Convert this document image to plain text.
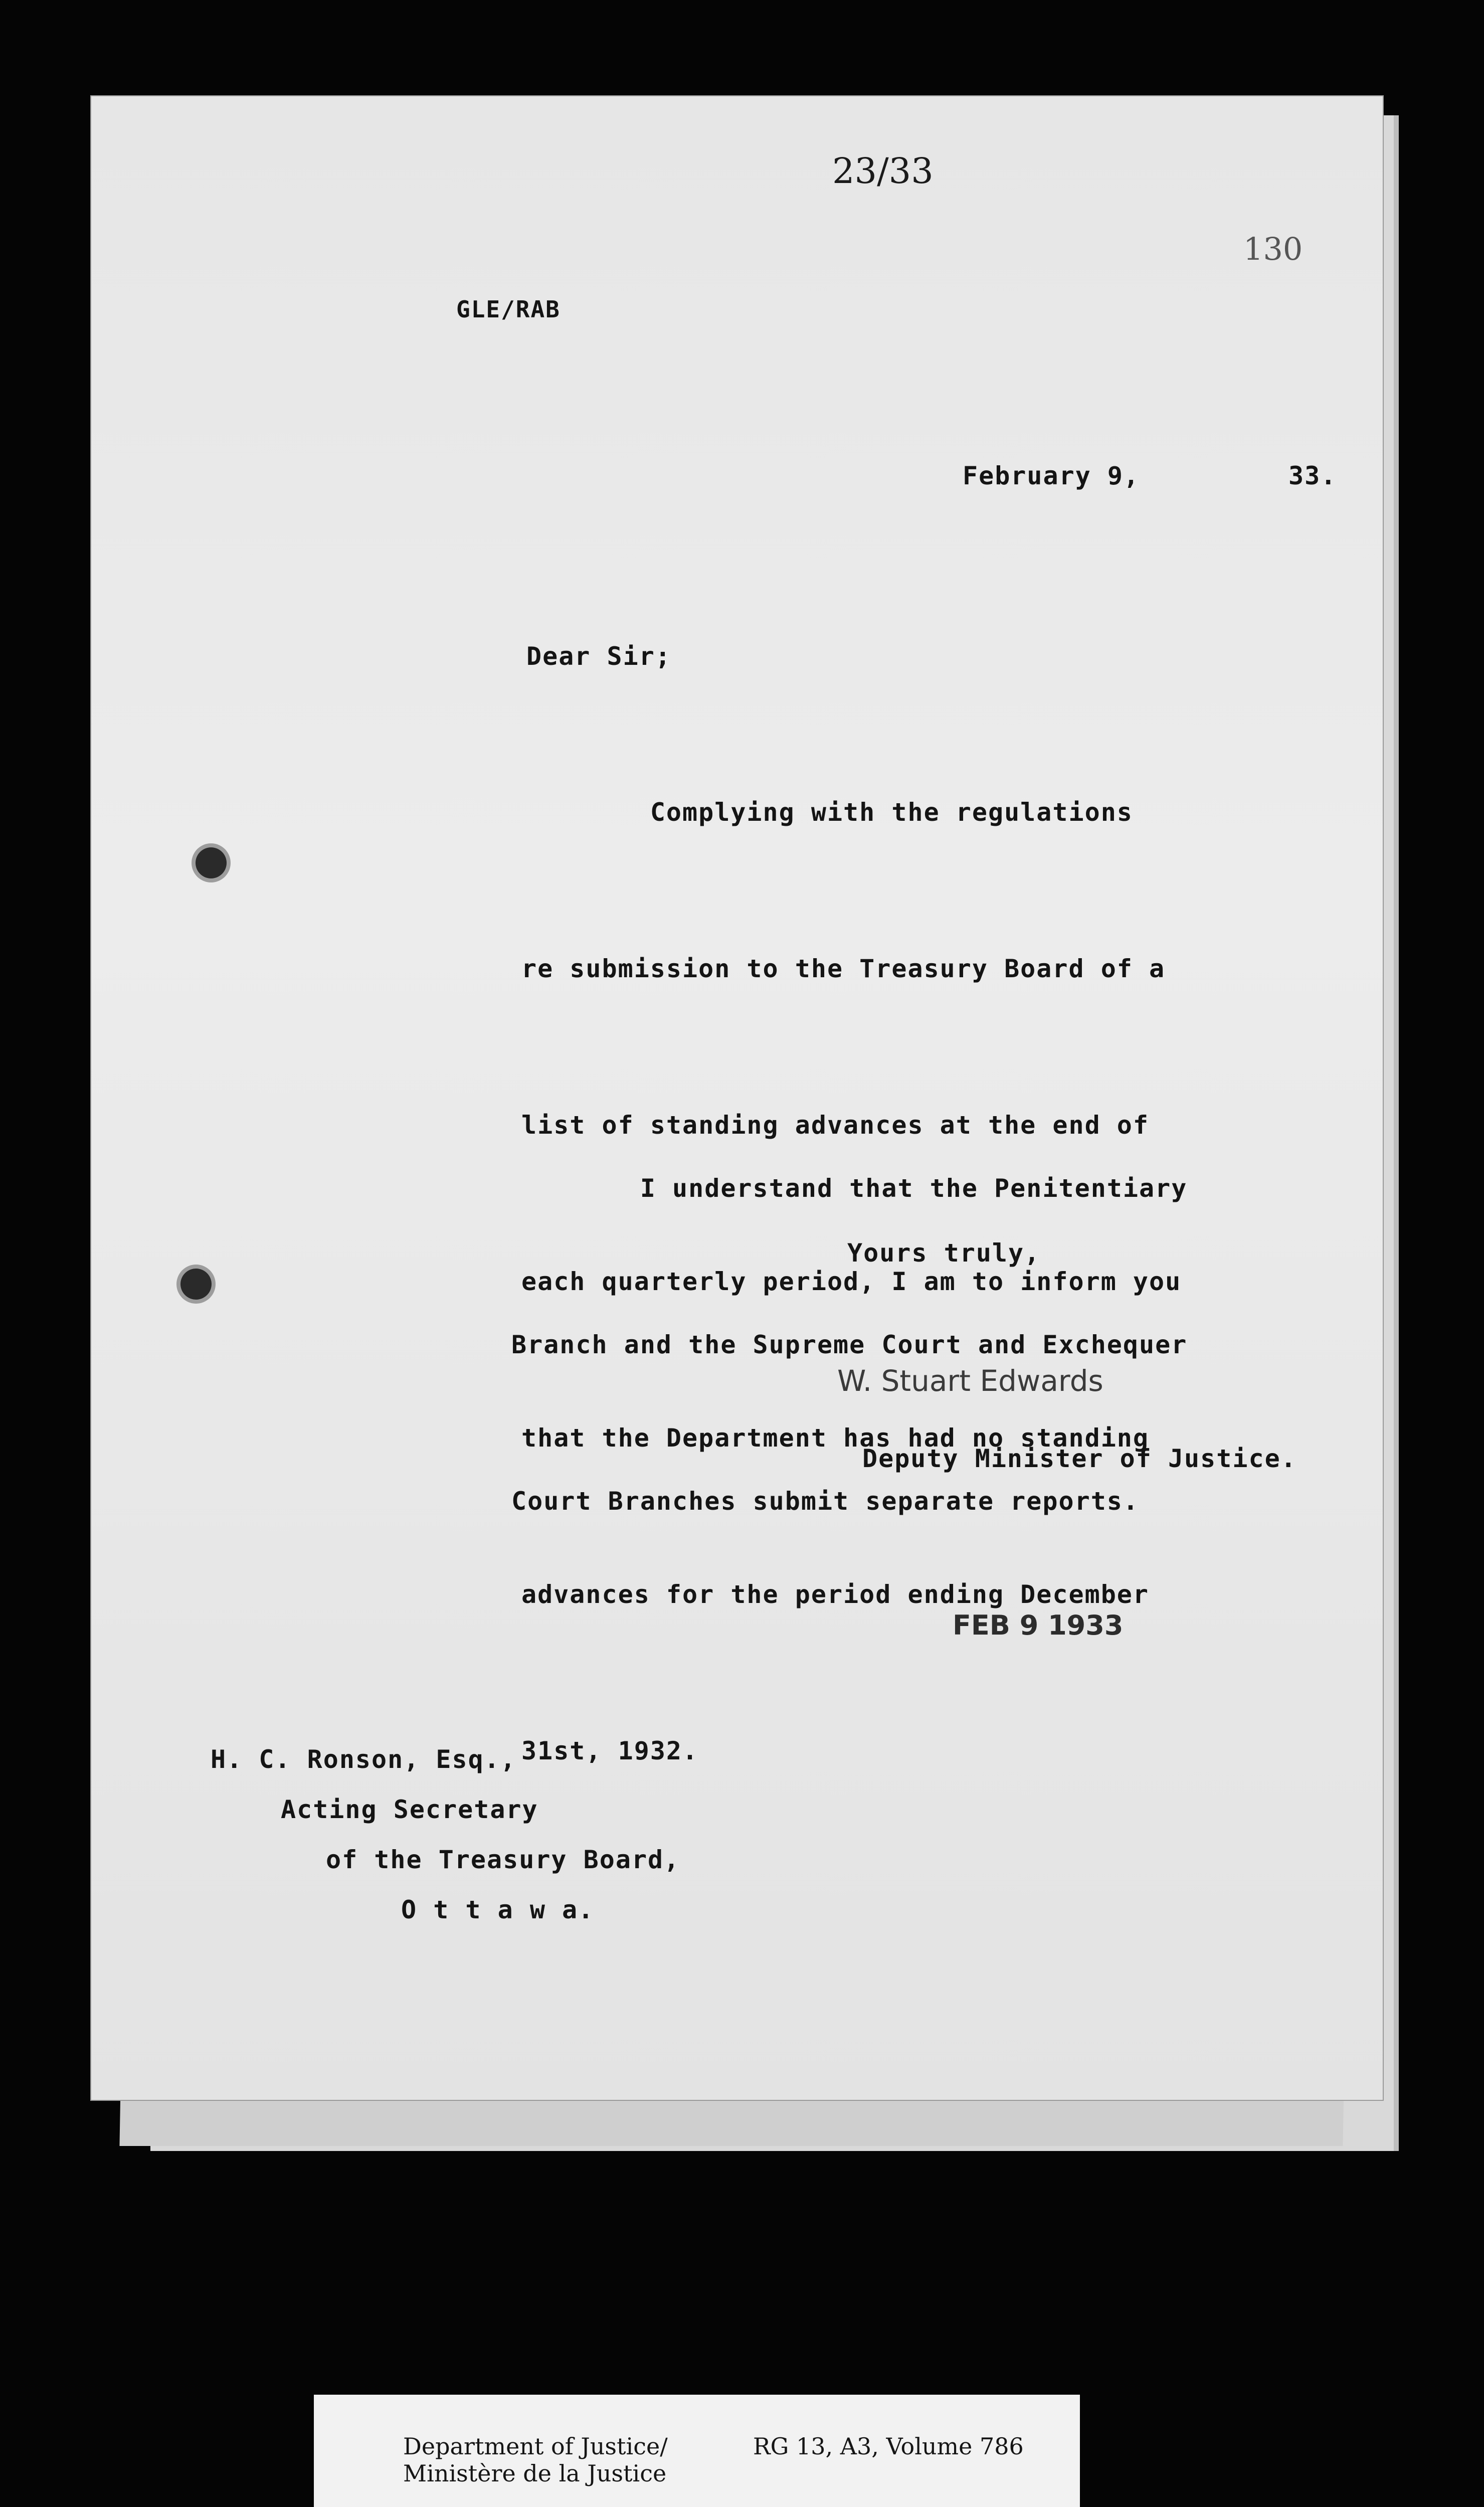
23/33
130

GLE/RAB

February 9,	33.

Dear Sir;

Complying with the regulations

re submission to the Treasury Board of a

list of standing advances at the end of

each quarterly period, I am to inform you

that the Department has had no standing

advances for the period ending December

31st, 1932.

I understand that the Penitentiary

Branch and the Supreme Court and Exchequer

Court Branches submit separate reports.

Yours truly,

W. Stuart Edwards

Deputy Minister of Justice.

FEB 9 1933

H. C. Ronson, Esq.,

Acting Secretary

of the Treasury Board,

O t t a w a.

Department of Justice/
Ministère de la Justice
RG 13, A3, Volume 786
